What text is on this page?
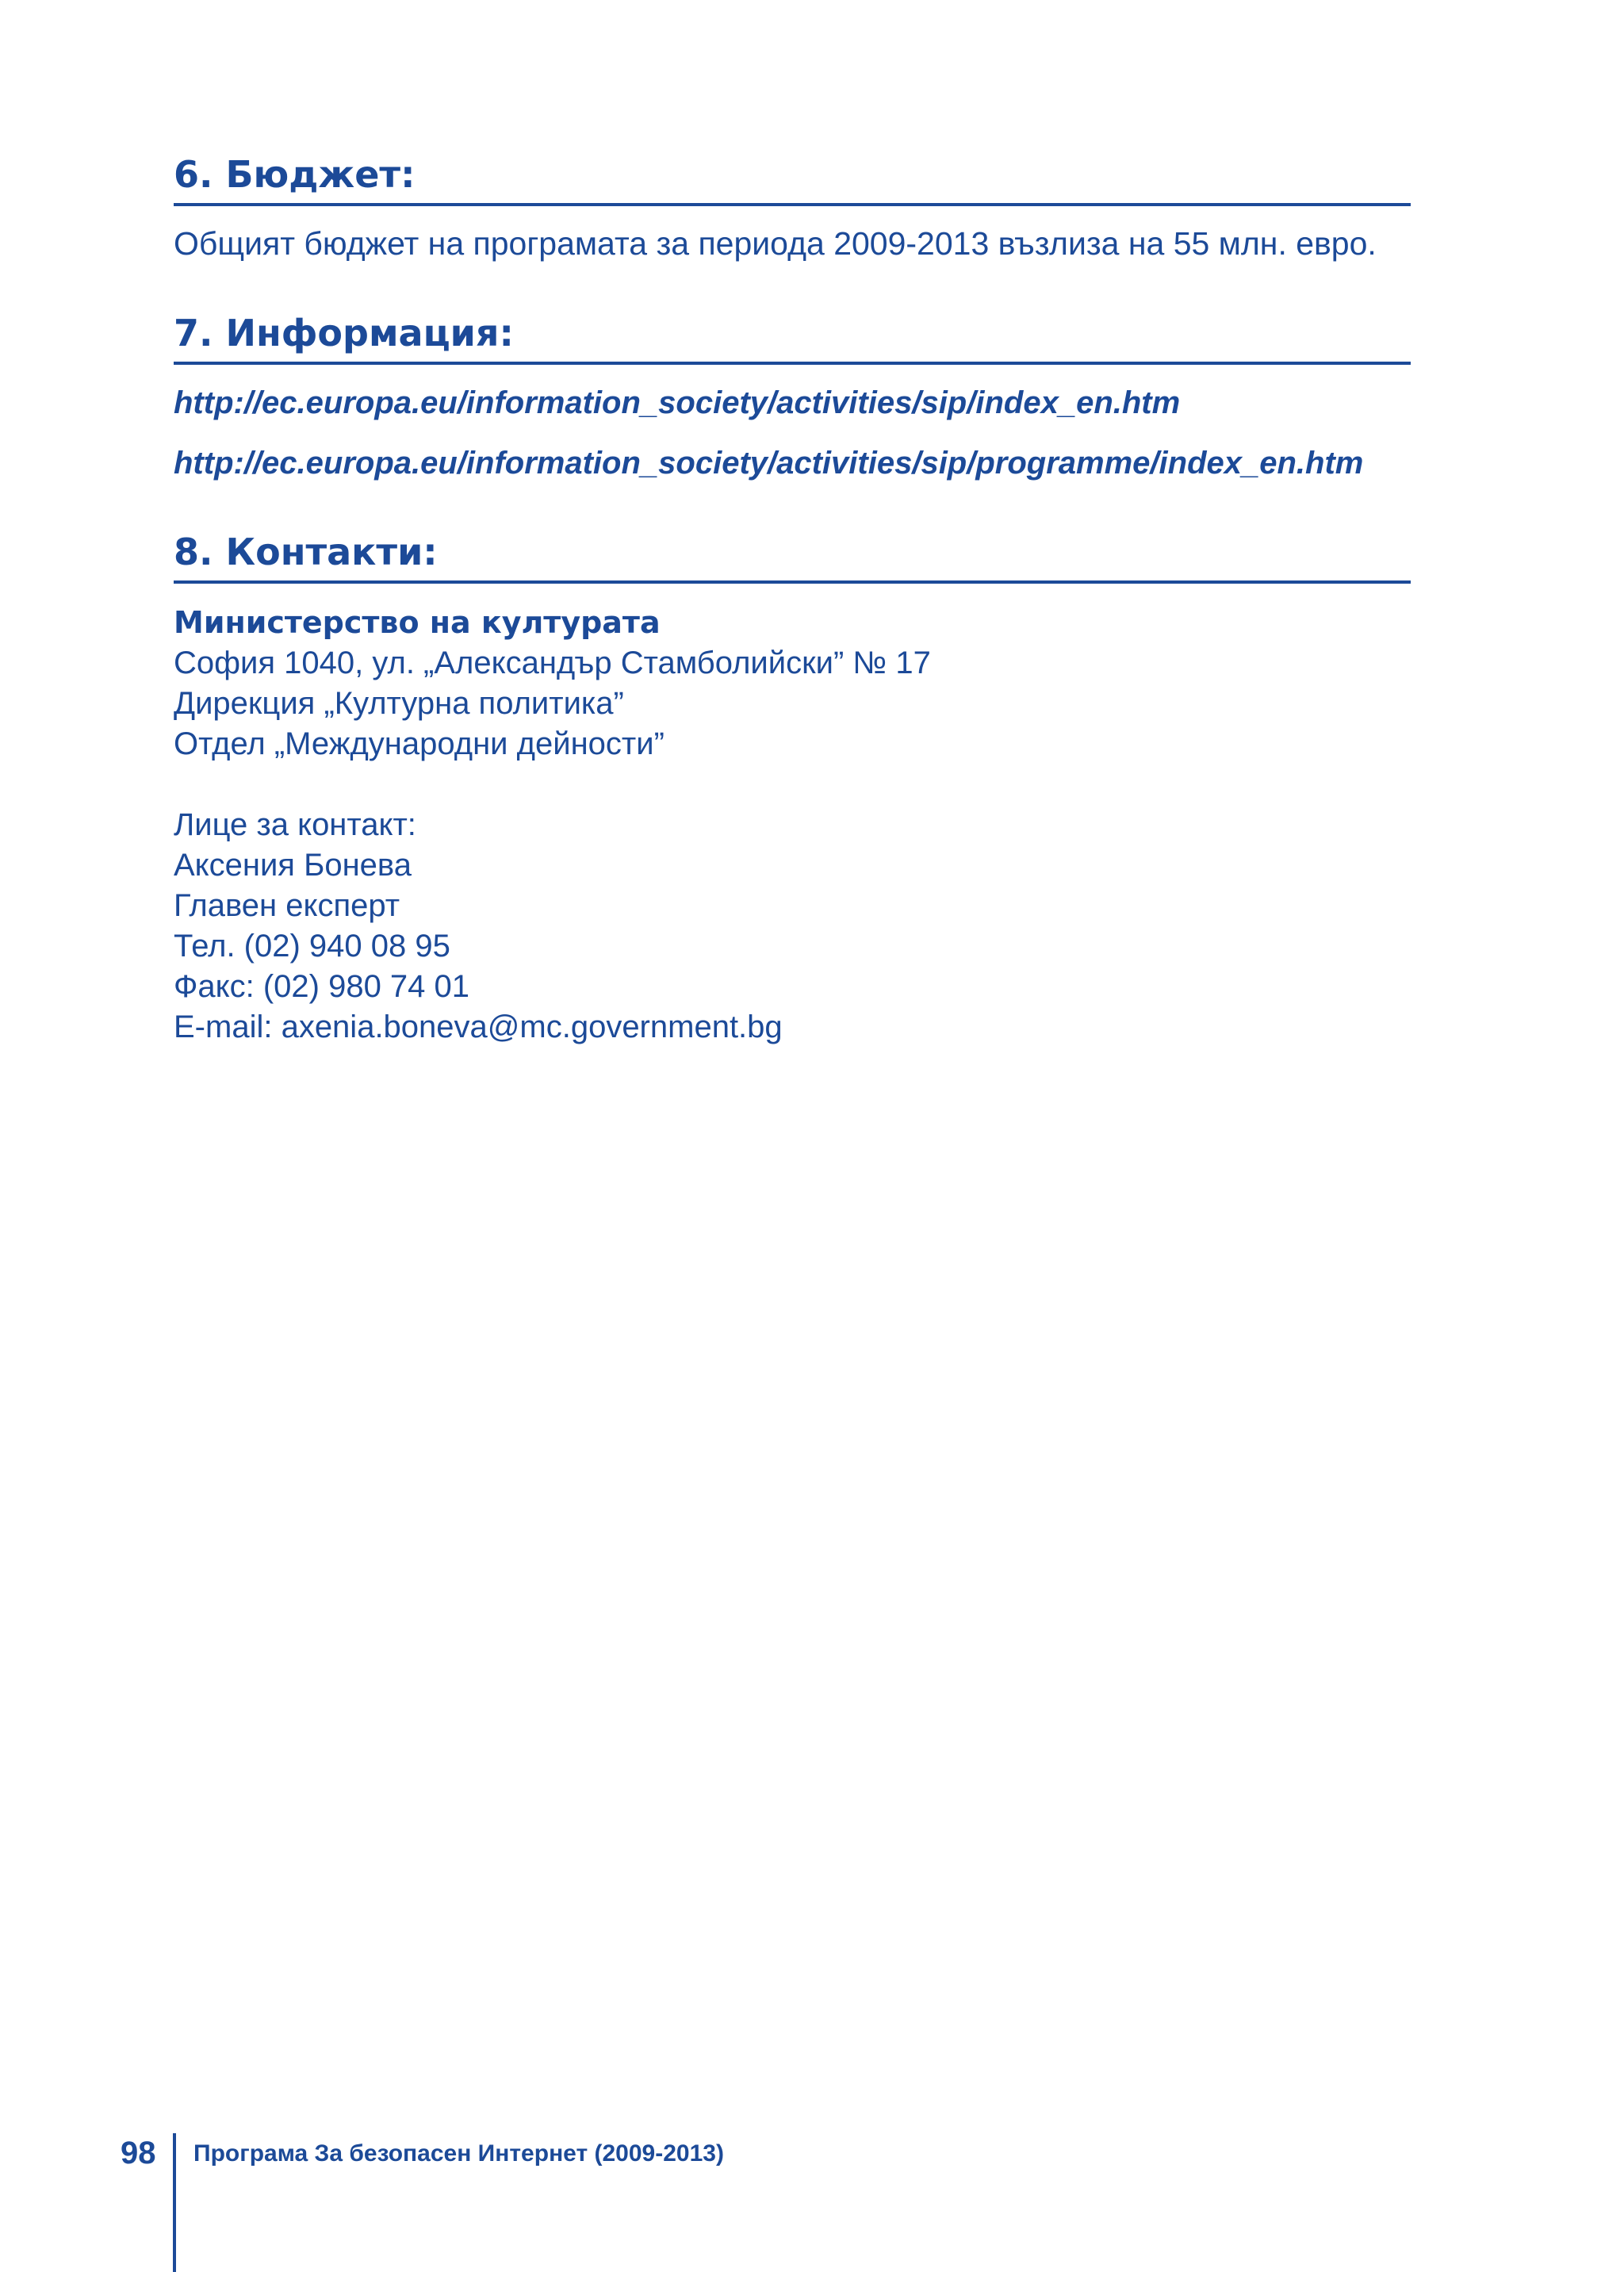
6. Бюджет:

Общият бюджет на програмата за периода 2009-2013 възлиза на 55 млн. евро.

7. Информация:
http://ec.europa.eu/information_society/activities/sip/index_en.htm
http://ec.europa.eu/information_society/activities/sip/programme/index_en.htm
8. Контакти:
Министерство на културата
София 1040, ул. „Александър Стамболийски” № 17
Дирекция „Културна политика”
Отдел „Международни дейности”
Лице за контакт:
Аксения Бонева
Главен експерт
Тел. (02) 940 08 95
Факс: (02) 980 74 01
E-mail: axenia.boneva@mc.government.bg
98 Програма За безопасен Интернет (2009-2013)
